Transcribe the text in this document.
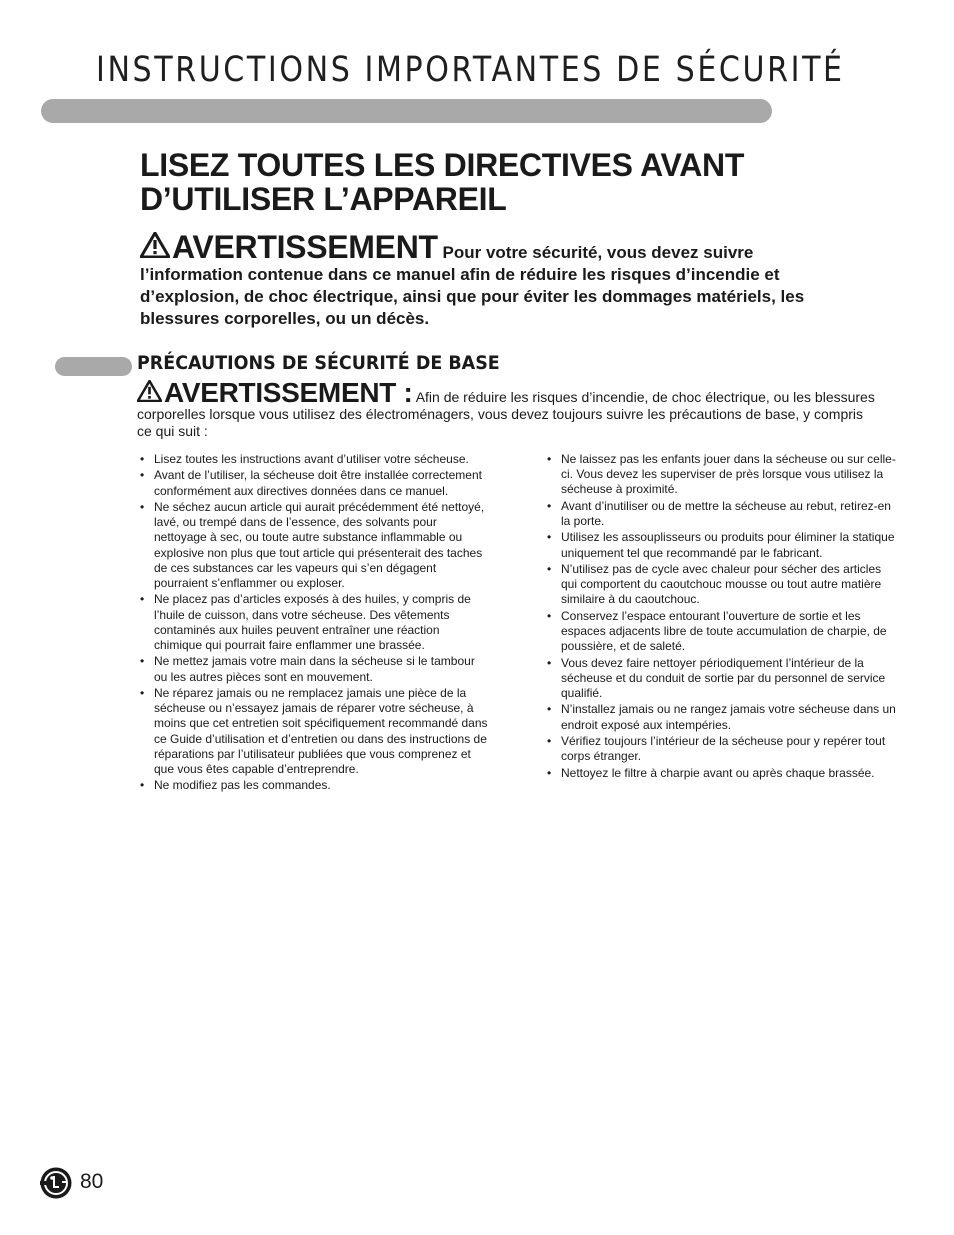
INSTRUCTIONS IMPORTANTES DE SÉCURITÉ
LISEZ TOUTES LES DIRECTIVES AVANT
D’UTILISER L’APPAREIL
AVERTISSEMENT Pour votre sécurité, vous devez suivre l’information contenue dans ce manuel afin de réduire les risques d’incendie et d’explosion, de choc électrique, ainsi que pour éviter les dommages matériels, les blessures corporelles, ou un décès.
PRÉCAUTIONS DE SÉCURITÉ DE BASE
AVERTISSEMENT : Afin de réduire les risques d’incendie, de choc électrique, ou les blessures corporelles lorsque vous utilisez des électroménagers, vous devez toujours suivre les précautions de base, y compris ce qui suit :
• Lisez toutes les instructions avant d’utiliser votre sécheuse.
• Avant de l’utiliser, la sécheuse doit être installée correctement conformément aux directives données dans ce manuel.
• Ne séchez aucun article qui aurait précédemment été nettoyé, lavé, ou trempé dans de l’essence, des solvants pour nettoyage à sec, ou toute autre substance inflammable ou explosive non plus que tout article qui présenterait des taches de ces substances car les vapeurs qui s’en dégagent pourraient s’enflammer ou exploser.
• Ne placez pas d’articles exposés à des huiles, y compris de l’huile de cuisson, dans votre sécheuse. Des vêtements contaminés aux huiles peuvent entraîner une réaction chimique qui pourrait faire enflammer une brassée.
• Ne mettez jamais votre main dans la sécheuse si le tambour ou les autres pièces sont en mouvement.
• Ne réparez jamais ou ne remplacez jamais une pièce de la sécheuse ou n’essayez jamais de réparer votre sécheuse, à moins que cet entretien soit spécifiquement recommandé dans ce Guide d’utilisation et d’entretien ou dans des instructions de réparations par l’utilisateur publiées que vous comprenez et que vous êtes capable d’entreprendre.
• Ne modifiez pas les commandes.
• Ne laissez pas les enfants jouer dans la sécheuse ou sur celle-ci. Vous devez les superviser de près lorsque vous utilisez la sécheuse à proximité.
• Avant d’inutiliser ou de mettre la sécheuse au rebut, retirez-en la porte.
• Utilisez les assouplisseurs ou produits pour éliminer la statique uniquement tel que recommandé par le fabricant.
• N’utilisez pas de cycle avec chaleur pour sécher des articles qui comportent du caoutchouc mousse ou tout autre matière similaire à du caoutchouc.
• Conservez l’espace entourant l’ouverture de sortie et les espaces adjacents libre de toute accumulation de charpie, de poussière, et de saleté.
• Vous devez faire nettoyer périodiquement l’intérieur de la sécheuse et du conduit de sortie par du personnel de service qualifié.
• N’installez jamais ou ne rangez jamais votre sécheuse dans un endroit exposé aux intempéries.
• Vérifiez toujours l’intérieur de la sécheuse pour y repérer tout corps étranger.
• Nettoyez le filtre à charpie avant ou après chaque brassée.
80
